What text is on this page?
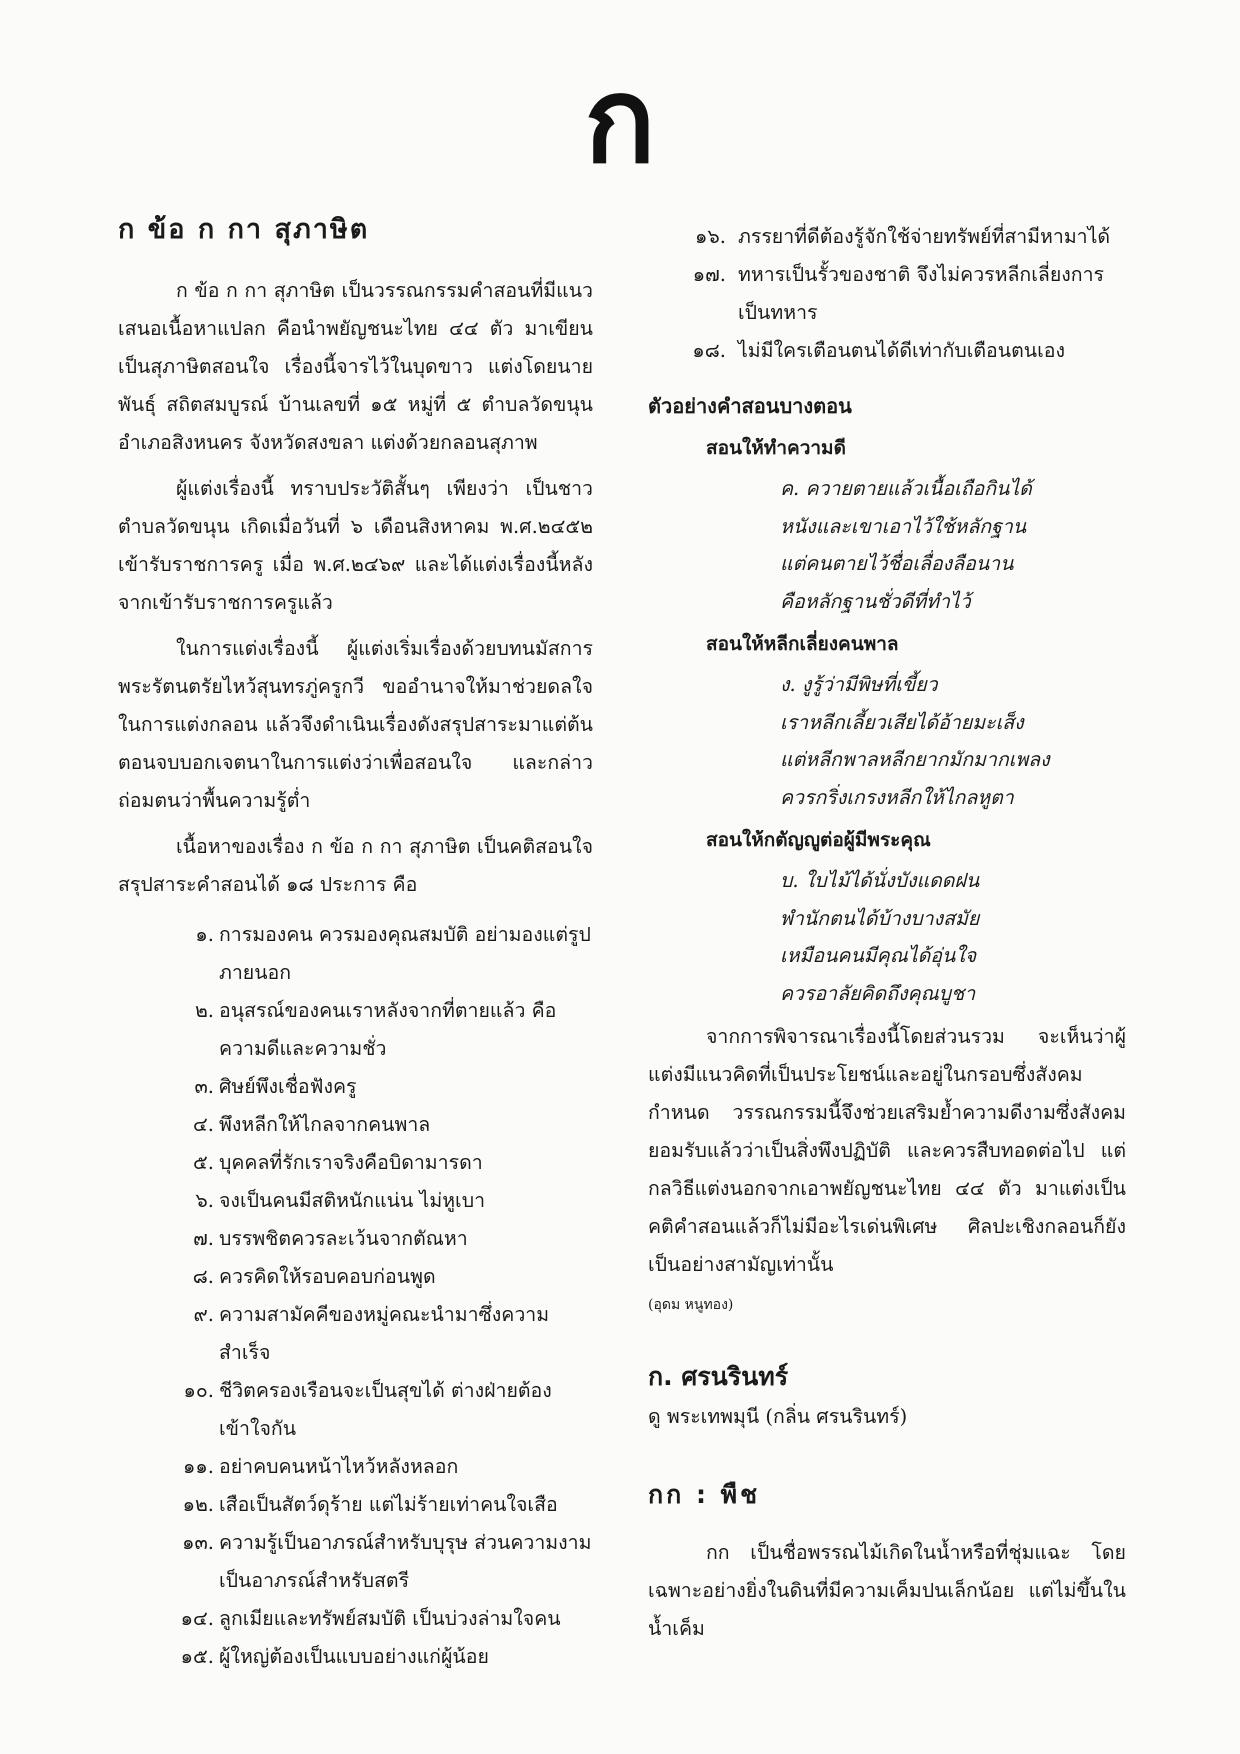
ก
ก ข้อ ก กา สุภาษิต

ก ข้อ ก กา สุภาษิต เป็นวรรณกรรมคำสอนที่มีแนวเสนอเนื้อหาแปลก คือนำพยัญชนะไทย ๔๔ ตัว มาเขียนเป็นสุภาษิตสอนใจ เรื่องนี้จารไว้ในบุดขาว แต่งโดยนายพันธุ์ สถิตสมบูรณ์ บ้านเลขที่ ๑๕ หมู่ที่ ๕ ตำบลวัดขนุน อำเภอสิงหนคร จังหวัดสงขลา แต่งด้วยกลอนสุภาพ

ผู้แต่งเรื่องนี้ ทราบประวัติสั้นๆ เพียงว่า เป็นชาวตำบลวัดขนุน เกิดเมื่อวันที่ ๖ เดือนสิงหาคม พ.ศ.๒๔๕๒ เข้ารับราชการครู เมื่อ พ.ศ.๒๔๖๙ และได้แต่งเรื่องนี้หลังจากเข้ารับราชการครูแล้ว

ในการแต่งเรื่องนี้ ผู้แต่งเริ่มเรื่องด้วยบทนมัสการพระรัตนตรัยไหว้สุนทรภู่ครูกวี ขออำนาจให้มาช่วยดลใจในการแต่งกลอน แล้วจึงดำเนินเรื่องดังสรุปสาระมาแต่ต้น ตอนจบบอกเจตนาในการแต่งว่าเพื่อสอนใจ และกล่าวถ่อมตนว่าพื้นความรู้ต่ำ

เนื้อหาของเรื่อง ก ข้อ ก กา สุภาษิต เป็นคติสอนใจ สรุปสาระคำสอนได้ ๑๘ ประการ คือ

๑. การมองคน ควรมองคุณสมบัติ อย่ามองแต่รูปภายนอก
๒. อนุสรณ์ของคนเราหลังจากที่ตายแล้ว คือความดีและความชั่ว
๓. ศิษย์พึงเชื่อฟังครู
๔. พึงหลีกให้ไกลจากคนพาล
๕. บุคคลที่รักเราจริงคือบิดามารดา
๖. จงเป็นคนมีสติหนักแน่น ไม่หูเบา
๗. บรรพชิตควรละเว้นจากตัณหา
๘. ควรคิดให้รอบคอบก่อนพูด
๙. ความสามัคคีของหมู่คณะนำมาซึ่งความสำเร็จ
๑๐. ชีวิตครองเรือนจะเป็นสุขได้ ต่างฝ่ายต้องเข้าใจกัน
๑๑. อย่าคบคนหน้าไหว้หลังหลอก
๑๒. เสือเป็นสัตว์ดุร้าย แต่ไม่ร้ายเท่าคนใจเสือ
๑๓. ความรู้เป็นอาภรณ์สำหรับบุรุษ ส่วนความงามเป็นอาภรณ์สำหรับสตรี
๑๔. ลูกเมียและทรัพย์สมบัติ เป็นบ่วงล่ามใจคน
๑๕. ผู้ใหญ่ต้องเป็นแบบอย่างแก่ผู้น้อย
๑๖. ภรรยาที่ดีต้องรู้จักใช้จ่ายทรัพย์ที่สามีหามาได้
๑๗. ทหารเป็นรั้วของชาติ จึงไม่ควรหลีกเลี่ยงการเป็นทหาร
๑๘. ไม่มีใครเตือนตนได้ดีเท่ากับเตือนตนเอง
ตัวอย่างคำสอนบางตอน
สอนให้ทำความดี
ค. ควายตายแล้วเนื้อเถือกินได้
หนังและเขาเอาไว้ใช้หลักฐาน
แต่คนตายไว้ชื่อเลื่องลือนาน
คือหลักฐานชั่วดีที่ทำไว้
สอนให้หลีกเลี่ยงคนพาล
ง. งูรู้ว่ามีพิษที่เขี้ยว
เราหลีกเลี้ยวเสียได้อ้ายมะเส็ง
แต่หลีกพาลหลีกยากมักมากเพลง
ควรกริ่งเกรงหลีกให้ไกลหูตา
สอนให้กตัญญูต่อผู้มีพระคุณ
บ. ใบไม้ได้นั่งบังแดดฝน
พำนักตนได้บ้างบางสมัย
เหมือนคนมีคุณได้อุ่นใจ
ควรอาลัยคิดถึงคุณบูชา

จากการพิจารณาเรื่องนี้โดยส่วนรวม จะเห็นว่าผู้แต่งมีแนวคิดที่เป็นประโยชน์และอยู่ในกรอบซึ่งสังคมกำหนด วรรณกรรมนี้จึงช่วยเสริมย้ำความดีงามซึ่งสังคมยอมรับแล้วว่าเป็นสิ่งพึงปฏิบัติ และควรสืบทอดต่อไป แต่กลวิธีแต่งนอกจากเอาพยัญชนะไทย ๔๔ ตัว มาแต่งเป็นคติคำสอนแล้วก็ไม่มีอะไรเด่นพิเศษ ศิลปะเชิงกลอนก็ยังเป็นอย่างสามัญเท่านั้น

(อุดม หนูทอง)
ก. ศรนรินทร์
ดู พระเทพมุนี (กลิ่น ศรนรินทร์)
กก : พืช

กก เป็นชื่อพรรณไม้เกิดในน้ำหรือที่ชุ่มแฉะ โดยเฉพาะอย่างยิ่งในดินที่มีความเค็มปนเล็กน้อย แต่ไม่ขึ้นในน้ำเค็ม
